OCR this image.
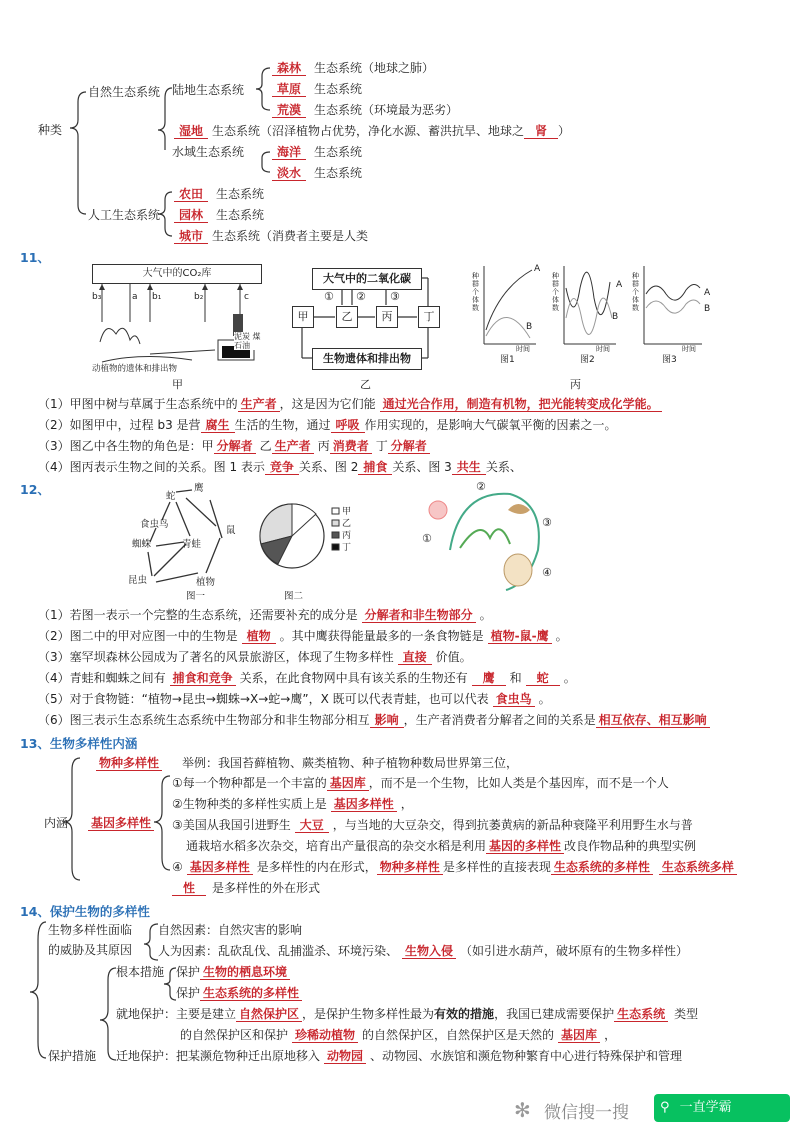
种类
自然生态系统 陆地生态系统
森林 生态系统（地球之肺）
草原 生态系统
荒漠 生态系统（环境最为恶劣）
湿地 生态系统（沼泽植物占优势，净化水源、蓄洪抗旱、地球之 肾 ）
水域生态系统	海洋 生态系统
淡水 生态系统
人工生态系统
农田 生态系统
园林 生态系统
城市 生态系统（消费者主要是人类
11、
大气中的CO₂库
b₃	a b₁	b₂	c
动植物的遗体和排出物
泥炭 煤 石油
甲
大气中的二氧化碳
甲	乙	丙	丁
生物遗体和排出物
① ② ③
乙
A
B
A
B
A
B
种群个体数
种群个体数
种群个体数
时间	时间	时间
图1	图2	图3
丙
（1）甲图中树与草属于生态系统中的 生产者 ，这是因为它们能 通过光合作用，制造有机物，把光能转变成化学能。
（2）如图甲中，过程 b3 是营 腐生 生活的生物，通过 呼吸 作用实现的，是影响大气碳氧平衡的因素之一。
（3）图乙中各生物的角色是：甲 分解者 乙 生产者 丙 消费者 丁 分解者
（4）图丙表示生物之间的关系。图 1 表示 竞争 关系、图 2 捕食 关系、图 3 共生 关系、
12、	鹰
蛇
食虫鸟
蜘蛛	青蛙
鼠
昆虫	植物
图一
甲
乙
丙
丁
图二
①
②
③
④
（1）若图一表示一个完整的生态系统，还需要补充的成分是 分解者和非生物部分 。
（2）图二中的甲对应图一中的生物是 植物 。其中鹰获得能量最多的一条食物链是 植物-鼠-鹰 。
（3）塞罕坝森林公园成为了著名的风景旅游区，体现了生物多样性 直接 价值。
（4）青蛙和蜘蛛之间有 捕食和竞争 关系，在此食物网中具有该关系的生物还有 鹰 和 蛇 。
（5）对于食物链：“植物→昆虫→蜘蛛→X→蛇→鹰”，X 既可以代表青蛙，也可以代表 食虫鸟 。
（6）图三表示生态系统生态系统中生物部分和非生物部分相互 影响 ，生产者消费者分解者之间的关系是 相互依存、相互影响
13、生物多样性内涵
内涵
物种多样性 举例：我国苔藓植物、蕨类植物、种子植物种数局世界第三位，
基因多样性
①每一个物种都是一个丰富的 基因库 ，而不是一个生物，比如人类是个基因库，而不是一个人
②生物种类的多样性实质上是 基因多样性 ，
③美国从我国引进野生 大豆 ，与当地的大豆杂交，得到抗萎黄病的新品种衰隆平利用野生水与普
通栽培水稻多次杂交，培育出产量很高的杂交水稻是利用 基因的多样性 改良作物品种的典型实例
④ 基因多样性 是多样性的内在形式， 物种多样性 是多样性的直接表现 生态系统的多样性 生态系统多样
性 是多样性的外在形式
14、保护生物的多样性
生物多样性面临
的威胁及其原因
自然因素：自然灾害的影响
人为因素：乱砍乱伐、乱捕滥杀、环境污染、 生物入侵 （如引进水葫芦，破坏原有的生物多样性）
根本措施 保护 生物的栖息环境
保护 生态系统的多样性
就地保护：主要是建立 自然保护区 ，是保护生物多样性最为有效的措施，我国已建成需要保护 生态系统 类型
的自然保护区和保护 珍稀动植物 的自然保护区，自然保护区是天然的 基因库 ，
保护措施 迁地保护：把某濒危物种迁出原地移入 动物园 、动物园、水族馆和濒危物种繁育中心进行特殊保护和管理
✻ 微信搜一搜	⚲ 一直学霸
